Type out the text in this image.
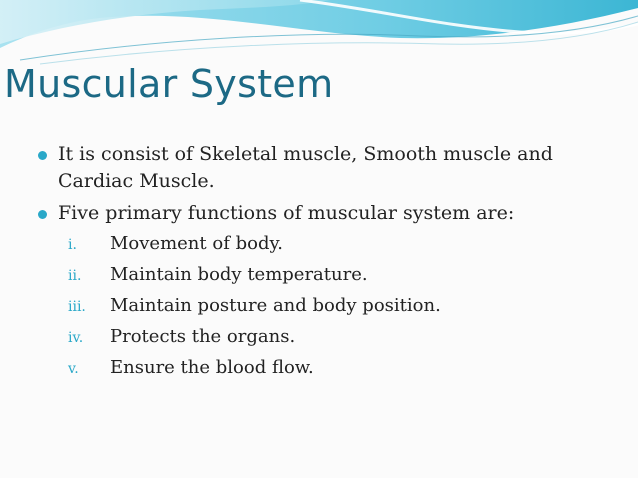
Muscular System
It is consist of Skeletal muscle, Smooth muscle and Cardiac Muscle.
Five primary functions of muscular system are:
i. Movement of body.
ii. Maintain body temperature.
iii. Maintain posture and body position.
iv. Protects the organs.
v. Ensure the blood flow.
